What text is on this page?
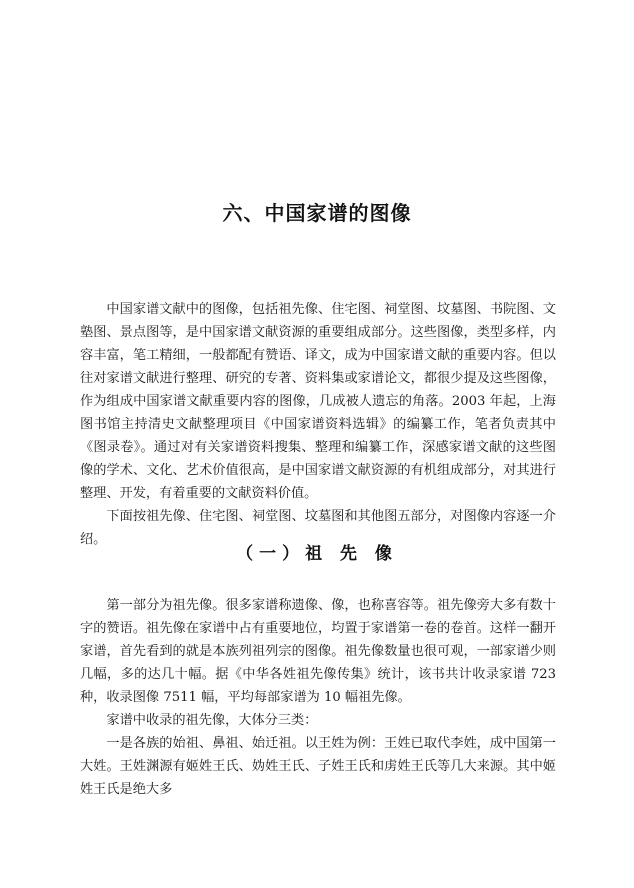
六、中国家谱的图像

中国家谱文献中的图像，包括祖先像、住宅图、祠堂图、坟墓图、书院图、文塾图、景点图等，是中国家谱文献资源的重要组成部分。这些图像，类型多样，内容丰富，笔工精细，一般都配有赞语、译文，成为中国家谱文献的重要内容。但以往对家谱文献进行整理、研究的专著、资料集或家谱论文，都很少提及这些图像，作为组成中国家谱文献重要内容的图像，几成被人遗忘的角落。2003 年起，上海图书馆主持清史文献整理项目《中国家谱资料选辑》的编纂工作，笔者负责其中《图录卷》。通过对有关家谱资料搜集、整理和编纂工作，深感家谱文献的这些图像的学术、文化、艺术价值很高，是中国家谱文献资源的有机组成部分，对其进行整理、开发，有着重要的文献资料价值。

下面按祖先像、住宅图、祠堂图、坟墓图和其他图五部分，对图像内容逐一介绍。

（一）祖 先 像

第一部分为祖先像。很多家谱称遗像、像，也称喜容等。祖先像旁大多有数十字的赞语。祖先像在家谱中占有重要地位，均置于家谱第一卷的卷首。这样一翻开家谱，首先看到的就是本族列祖列宗的图像。祖先像数量也很可观，一部家谱少则几幅，多的达几十幅。据《中华各姓祖先像传集》统计，该书共计收录家谱 723 种，收录图像 7511 幅，平均每部家谱为 10 幅祖先像。

家谱中收录的祖先像，大体分三类：

一是各族的始祖、鼻祖、始迁祖。以王姓为例：王姓已取代李姓，成中国第一大姓。王姓渊源有姬姓王氏、妫姓王氏、子姓王氏和虏姓王氏等几大来源。其中姬姓王氏是绝大多
